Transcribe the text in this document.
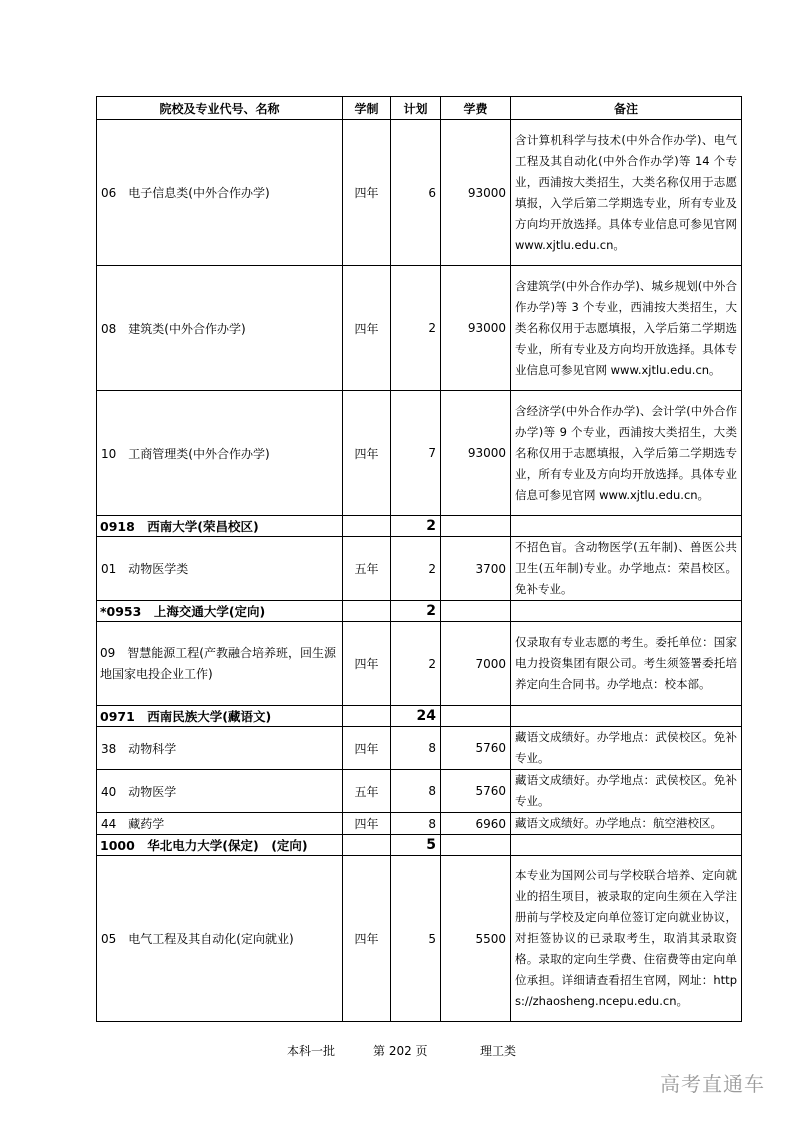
院校及专业代号、名称	学制	计划	学费	备注
06　电子信息类(中外合作办学)	四年	6	93000	含计算机科学与技术(中外合作办学)、电气工程及其自动化(中外合作办学)等 14 个专业，西浦按大类招生，大类名称仅用于志愿填报，入学后第二学期选专业，所有专业及方向均开放选择。具体专业信息可参见官网 www.xjtlu.edu.cn。
08　建筑类(中外合作办学)	四年	2	93000	含建筑学(中外合作办学)、城乡规划(中外合作办学)等 3 个专业，西浦按大类招生，大类名称仅用于志愿填报，入学后第二学期选专业，所有专业及方向均开放选择。具体专业信息可参见官网 www.xjtlu.edu.cn。
10　工商管理类(中外合作办学)	四年	7	93000	含经济学(中外合作办学)、会计学(中外合作办学)等 9 个专业，西浦按大类招生，大类名称仅用于志愿填报，入学后第二学期选专业，所有专业及方向均开放选择。具体专业信息可参见官网 www.xjtlu.edu.cn。
0918　西南大学(荣昌校区)		2		
01　动物医学类	五年	2	3700	不招色盲。含动物医学(五年制)、兽医公共卫生(五年制)专业。办学地点：荣昌校区。免补专业。
*0953　上海交通大学(定向)		2		
09　智慧能源工程(产教融合培养班，回生源地国家电投企业工作)	四年	2	7000	仅录取有专业志愿的考生。委托单位：国家电力投资集团有限公司。考生须签署委托培养定向生合同书。办学地点：校本部。
0971　西南民族大学(藏语文)		24		
38　动物科学	四年	8	5760	藏语文成绩好。办学地点：武侯校区。免补专业。
40　动物医学	五年	8	5760	藏语文成绩好。办学地点：武侯校区。免补专业。
44　藏药学	四年	8	6960	藏语文成绩好。办学地点：航空港校区。
1000　华北电力大学(保定)　(定向)		5		
05　电气工程及其自动化(定向就业)	四年	5	5500	本专业为国网公司与学校联合培养、定向就业的招生项目，被录取的定向生须在入学注册前与学校及定向单位签订定向就业协议，对拒签协议的已录取考生，取消其录取资格。录取的定向生学费、住宿费等由定向单位承担。详细请查看招生官网，网址：https://zhaosheng.ncepu.edu.cn。
本科一批	第 202 页	理工类
高考直通车
